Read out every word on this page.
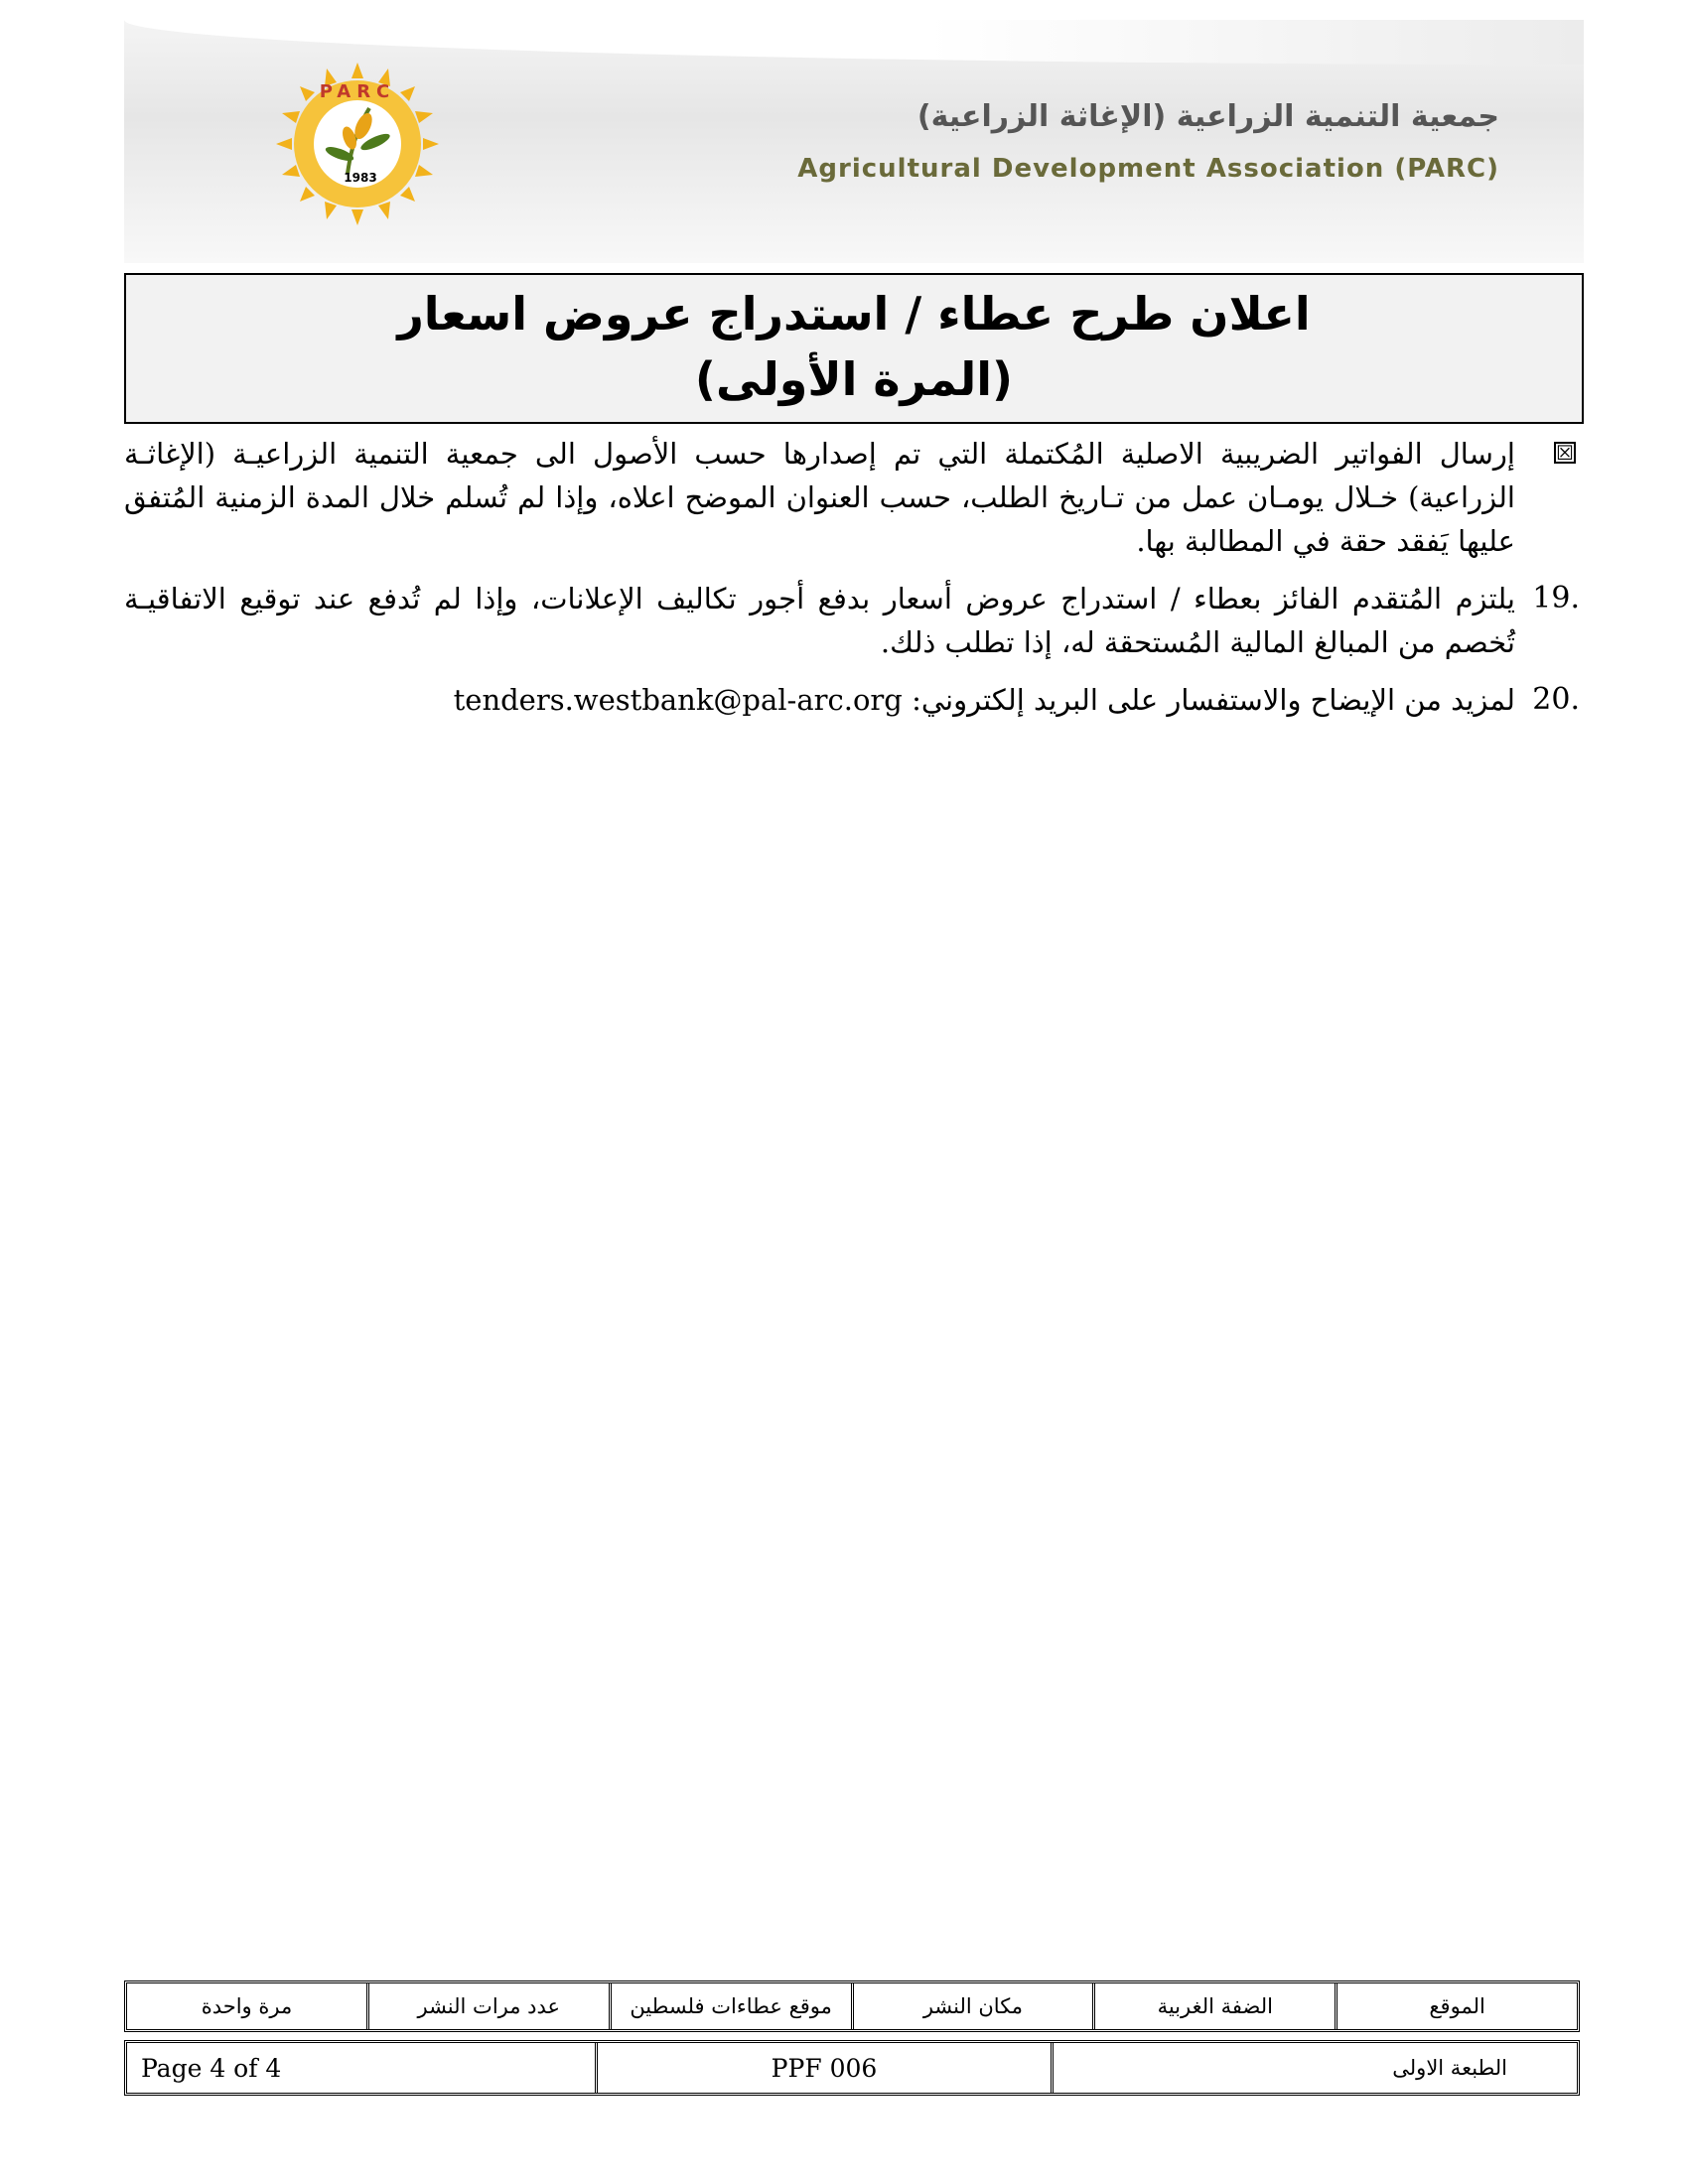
PARC
1983
جمعية التنمية الزراعية (الإغاثة الزراعية)
Agricultural Development Association (PARC)
اعلان طرح عطاء / استدراج عروض اسعار
(المرة الأولى)
☒
إرسال الفواتير الضريبية الاصلية المُكتملة التي تم إصدارها حسب الأصول الى جمعية التنمية الزراعيـة (الإغاثـة الزراعية) خـلال يومـان عمل من تـاريخ الطلب، حسب العنوان الموضح اعلاه، وإذا لم تُسلم خلال المدة الزمنية المُتفق عليها يَفقد حقة في المطالبة بها.
19.
يلتزم المُتقدم الفائز بعطاء / استدراج عروض أسعار بدفع أجور تكاليف الإعلانات، وإذا لم تُدفع عند توقيع الاتفاقيـة تُخصم من المبالغ المالية المُستحقة له، إذا تطلب ذلك.
20.
لمزيد من الإيضاح والاستفسار على البريد إلكتروني: tenders.westbank@pal-arc.org
الموقع
الضفة الغربية
مكان النشر
موقع عطاءات فلسطين
عدد مرات النشر
مرة واحدة
الطبعة الاولى
PPF 006
Page 4 of 4
